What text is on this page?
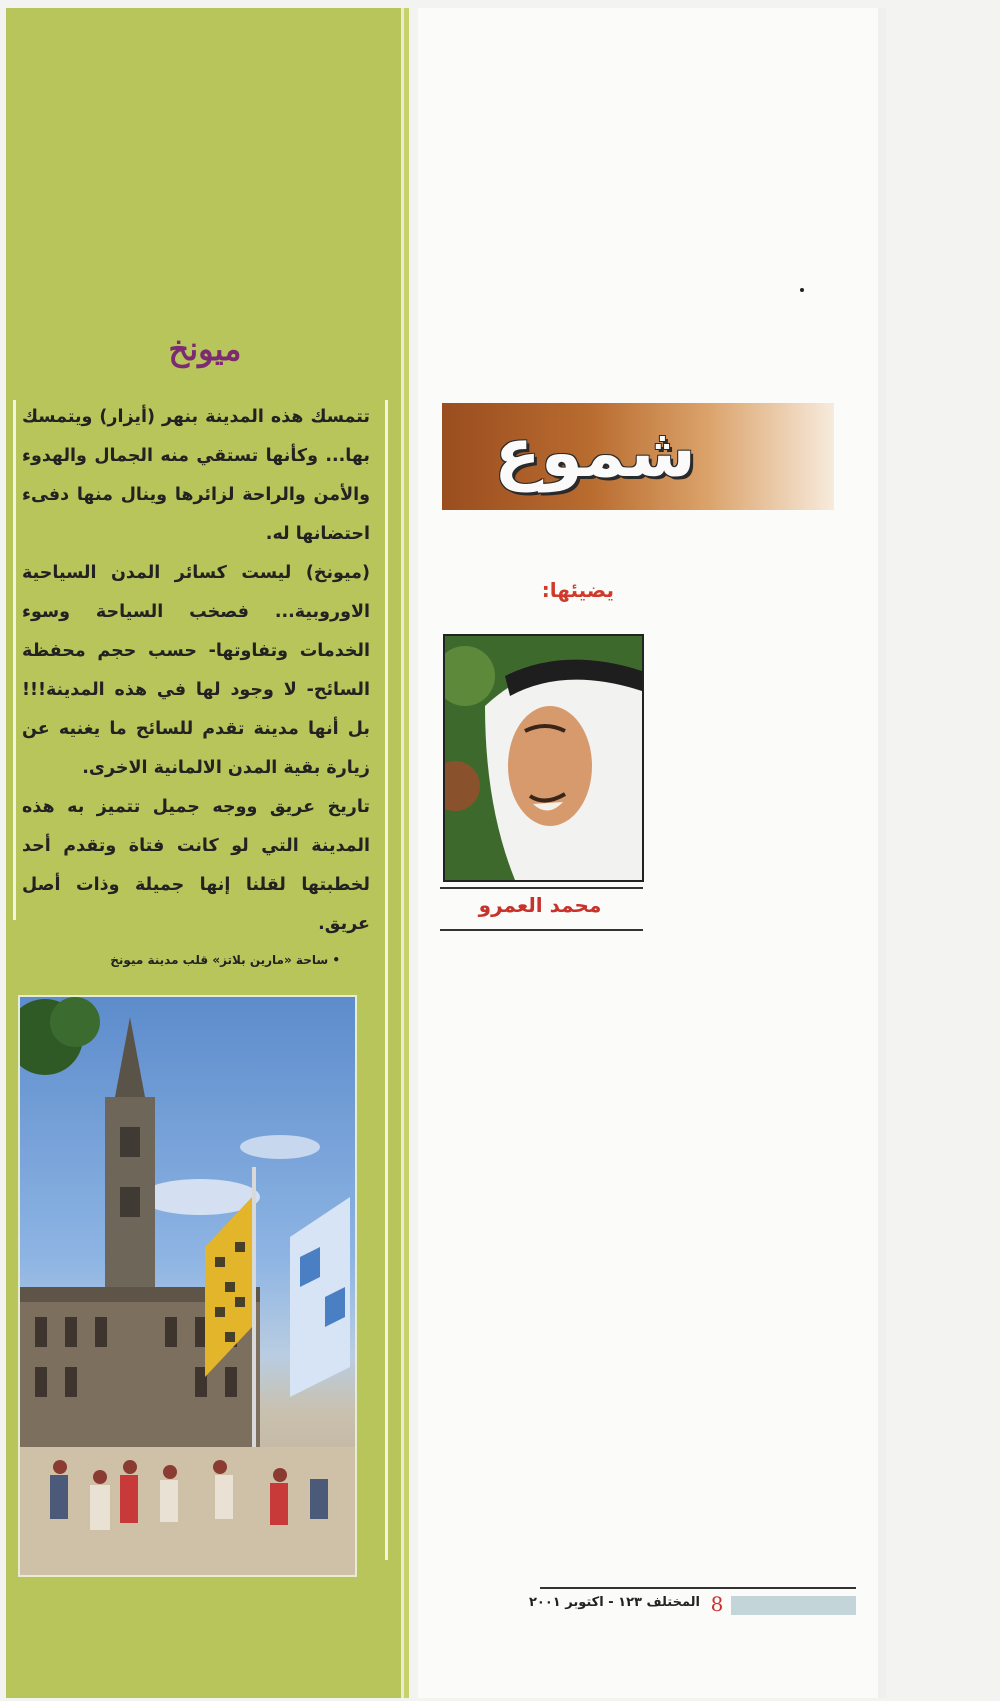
ميونخ

تتمسك هذه المدينة بنهر (أيزار) ويتمسك بها... وكأنها تستقي منه الجمال والهدوء والأمن والراحة لزائرها وينال منها دفىء احتضانها له.

(ميونخ) ليست كسائر المدن السياحية الاوروبية... فصخب السياحة وسوء الخدمات وتفاوتها- حسب حجم محفظة السائح- لا وجود لها في هذه المدينة!!! بل أنها مدينة تقدم للسائح ما يغنيه عن زيارة بقية المدن الالمانية الاخرى.

تاريخ عريق ووجه جميل تتميز به هذه المدينة التي لو كانت فتاة وتقدم أحد لخطبتها لقلنا إنها جميلة وذات أصل عريق.

• ساحة «مارين بلاتز» قلب مدينة ميونخ
شموع
يضيئها:
محمد العمرو
8
المختلف ١٢٣ - اكتوبر ٢٠٠١
